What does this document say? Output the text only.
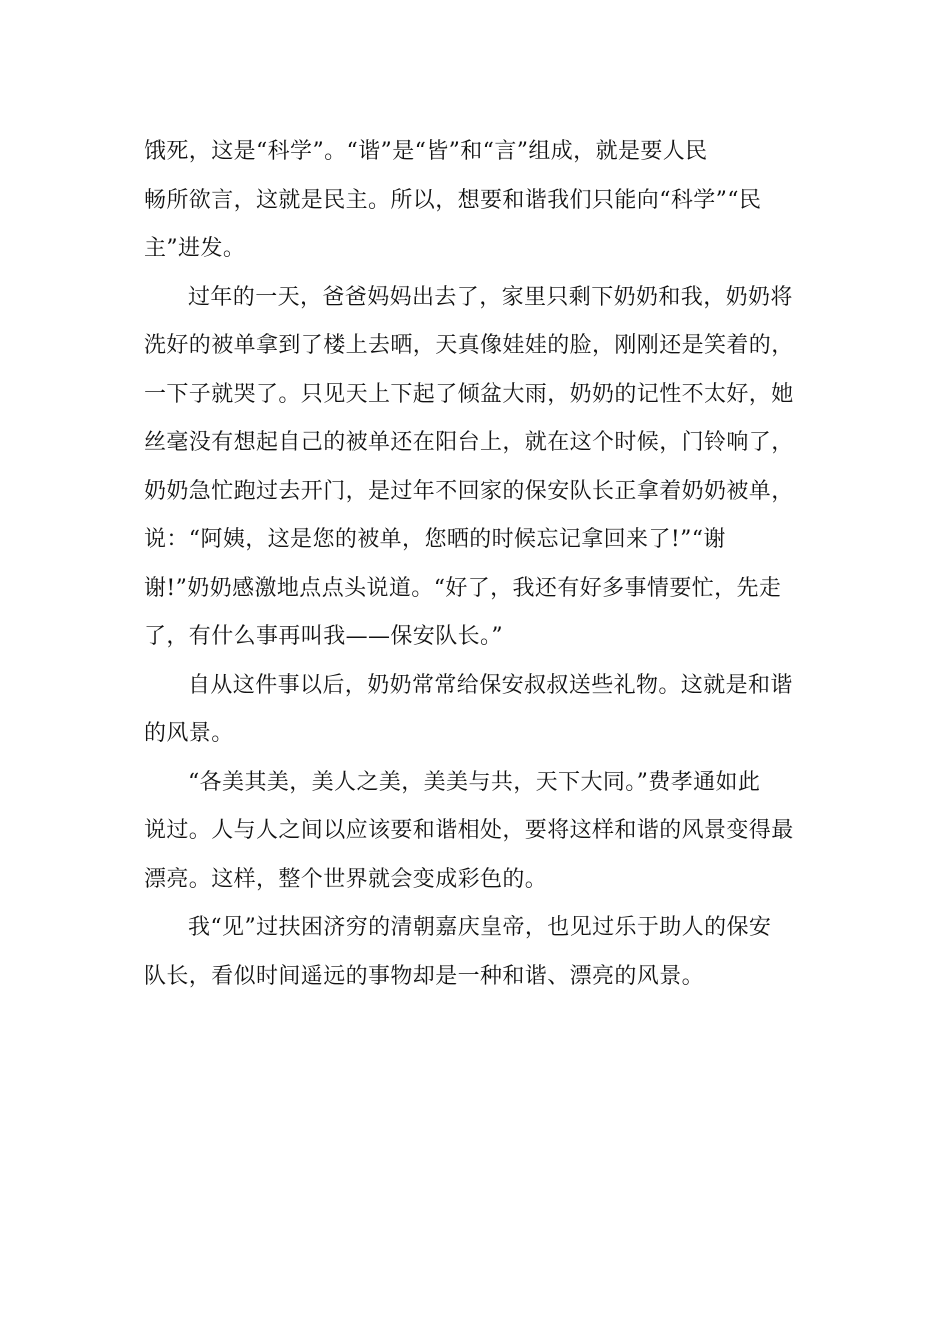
饿死，这是“科学”。“谐”是“皆”和“言”组成，就是要人民
畅所欲言，这就是民主。所以，想要和谐我们只能向“科学”“民
主”进发。
过年的一天，爸爸妈妈出去了，家里只剩下奶奶和我，奶奶将
洗好的被单拿到了楼上去晒，天真像娃娃的脸，刚刚还是笑着的，
一下子就哭了。只见天上下起了倾盆大雨，奶奶的记性不太好，她
丝毫没有想起自己的被单还在阳台上，就在这个时候，门铃响了，
奶奶急忙跑过去开门，是过年不回家的保安队长正拿着奶奶被单，
说：“阿姨，这是您的被单，您晒的时候忘记拿回来了!”“谢
谢!”奶奶感激地点点头说道。“好了，我还有好多事情要忙，先走
了，有什么事再叫我——保安队长。”
自从这件事以后，奶奶常常给保安叔叔送些礼物。这就是和谐
的风景。
“各美其美，美人之美，美美与共，天下大同。”费孝通如此
说过。人与人之间以应该要和谐相处，要将这样和谐的风景变得最
漂亮。这样，整个世界就会变成彩色的。
我“见”过扶困济穷的清朝嘉庆皇帝，也见过乐于助人的保安
队长，看似时间遥远的事物却是一种和谐、漂亮的风景。
